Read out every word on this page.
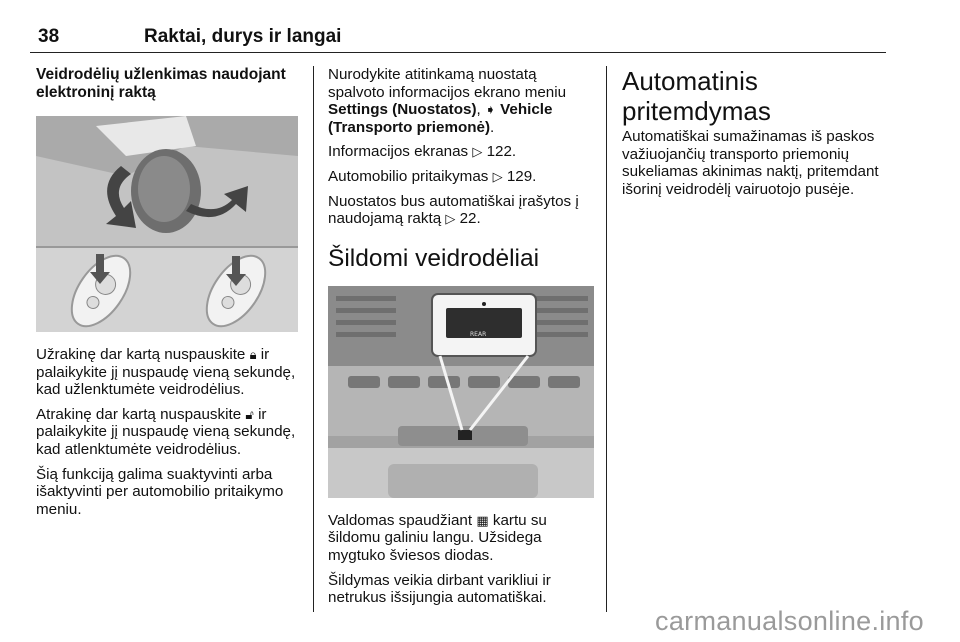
38	Raktai, durys ir langai
Veidrodėlių užlenkimas naudojant elektroninį raktą

Užrakinę dar kartą nuspauskite 🔒︎ ir palaikykite jį nuspaudę vieną sekundę, kad užlenktumėte veidrodėlius.

Atrakinę dar kartą nuspauskite 🔓︎ ir palaikykite jį nuspaudę vieną sekundę, kad atlenktumėte veidrodėlius.

Šią funkciją galima suaktyvinti arba išaktyvinti per automobilio pritaikymo meniu.

Nurodykite atitinkamą nuostatą spalvoto informacijos ekrano meniu Settings (Nuostatos), ➧ Vehicle (Transporto priemonė).

Informacijos ekranas ▷ 122.

Automobilio pritaikymas ▷ 129.

Nuostatos bus automatiškai įrašytos į naudojamą raktą ▷ 22.

Šildomi veidrodėliai
REAR

Valdomas spaudžiant ▦ kartu su šildomu galiniu langu. Užsidega mygtuko šviesos diodas.

Šildymas veikia dirbant varikliui ir netrukus išsijungia automatiškai.

Automatinis pritemdymas

Automatiškai sumažinamas iš paskos važiuojančių transporto priemonių sukeliamas akinimas naktį, pritemdant išorinį veidrodėlį vairuotojo pusėje.

carmanualsonline.info
